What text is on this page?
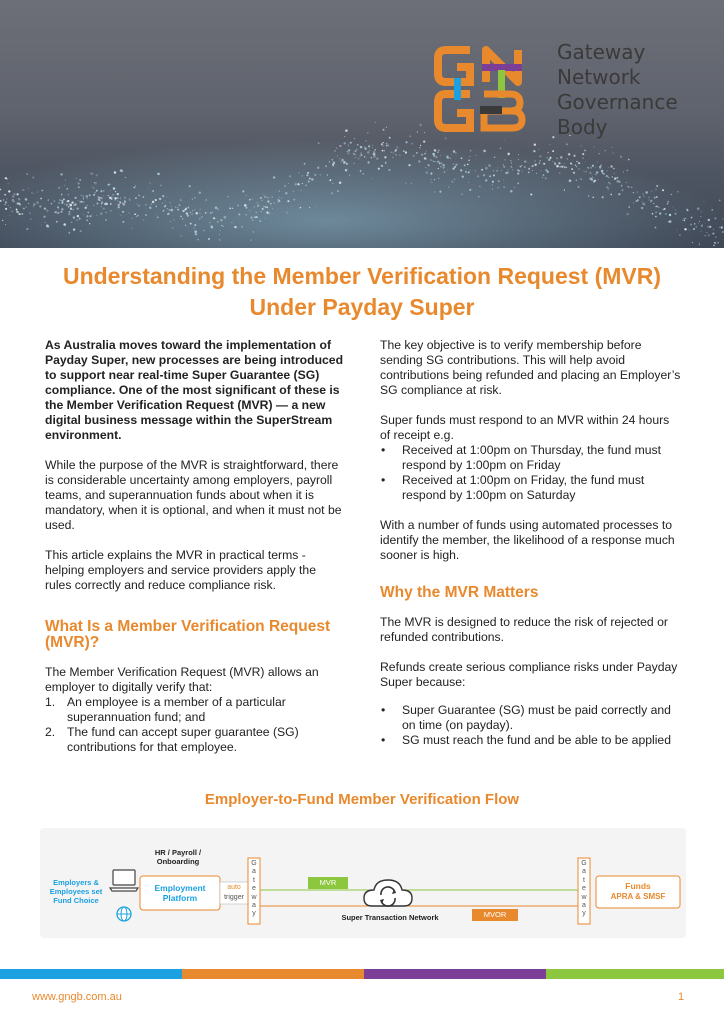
Gateway
Network
Governance
Body
Understanding the Member Verification Request (MVR) Under Payday Super

As Australia moves toward the implementation of Payday Super, new processes are being introduced to support near real-time Super Guarantee (SG) compliance. One of the most significant of these is the Member Verification Request (MVR) — a new digital business message within the SuperStream environment.

While the purpose of the MVR is straightforward, there is considerable uncertainty among employers, payroll teams, and superannuation funds about when it is mandatory, when it is optional, and when it must not be used.

This article explains the MVR in practical terms - helping employers and service providers apply the rules correctly and reduce compliance risk.

What Is a Member Verification Request (MVR)?

The Member Verification Request (MVR) allows an employer to digitally verify that:

1. An employee is a member of a particular superannuation fund; and
2. The fund can accept super guarantee (SG) contributions for that employee.

The key objective is to verify membership before sending SG contributions. This will help avoid contributions being refunded and placing an Employer’s SG compliance at risk.

Super funds must respond to an MVR within 24 hours of receipt e.g.

• Received at 1:00pm on Thursday, the fund must respond by 1:00pm on Friday
• Received at 1:00pm on Friday, the fund must respond by 1:00pm on Saturday

With a number of funds using automated processes to identify the member, the likelihood of a response much sooner is high.

Why the MVR Matters

The MVR is designed to reduce the risk of rejected or refunded contributions.

Refunds create serious compliance risks under Payday Super because:

• Super Guarantee (SG) must be paid correctly and on time (on payday).
• SG must reach the fund and be able to be applied
Employer-to-Fund Member Verification Flow
HR / Payroll / Onboarding
Employers & Employees set Fund Choice
Employment Platform
auto
trigger
G
a
t
e
w
a
y
G
a
t
e
w
a
y
MVR
MVOR
Super Transaction Network
Funds
APRA & SMSF
www.gngb.com.au	1
